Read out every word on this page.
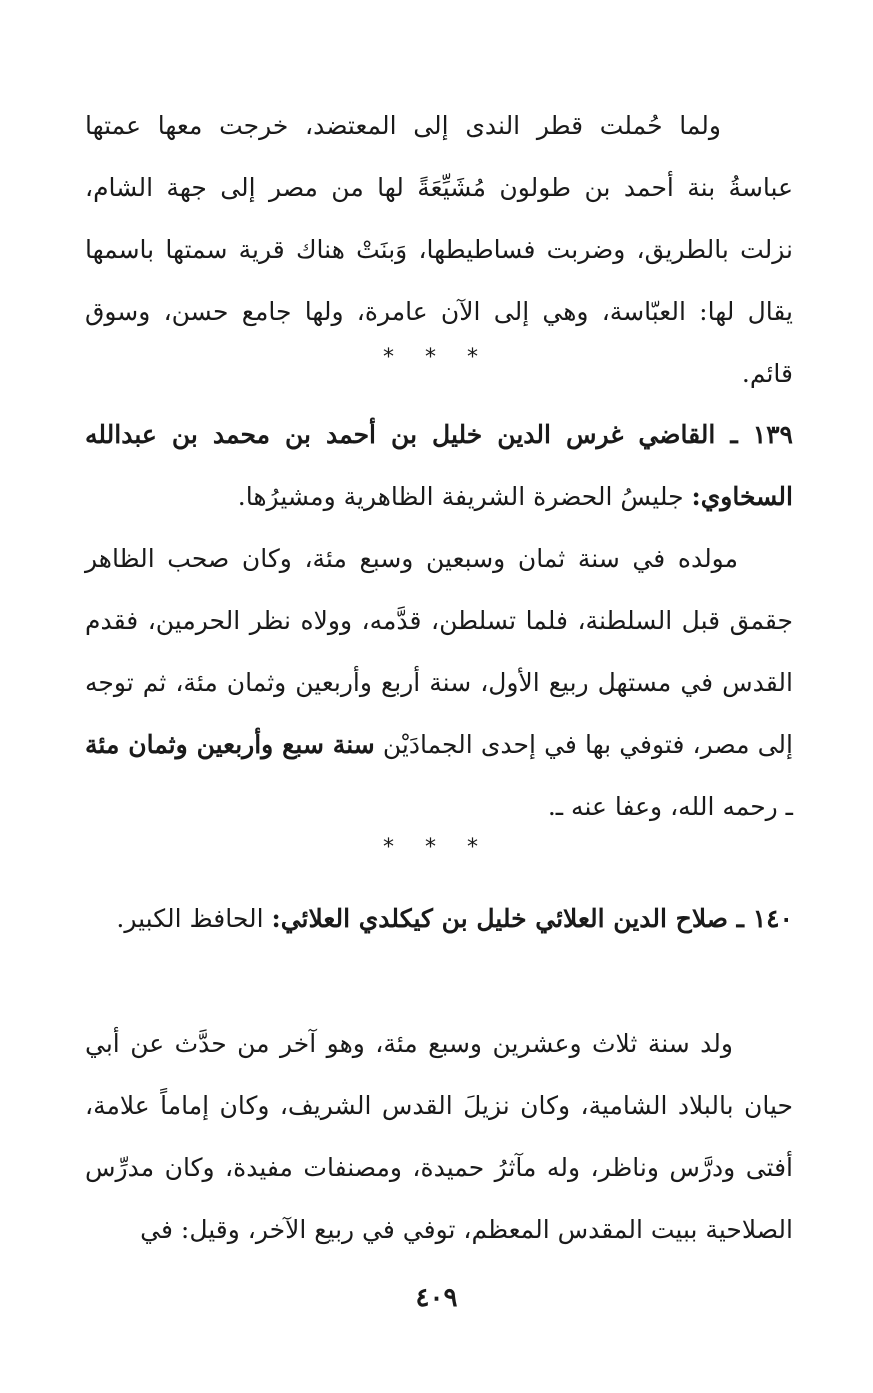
ولما حُملت قطر الندى إلى المعتضد، خرجت معها عمتها عباسةُ بنة أحمد بن طولون مُشَيِّعَةً لها من مصر إلى جهة الشام، نزلت بالطريق، وضربت فساطيطها، وَبنَتْ هناك قرية سمتها باسمها يقال لها: العبّاسة، وهي إلى الآن عامرة، ولها جامع حسن، وسوق قائم.

* * *

١٣٩ ـ القاضي غرس الدين خليل بن أحمد بن محمد بن عبدالله السخاوي: جليسُ الحضرة الشريفة الظاهرية ومشيرُها.

مولده في سنة ثمان وسبعين وسبع مئة، وكان صحب الظاهر جقمق قبل السلطنة، فلما تسلطن، قدَّمه، وولاه نظر الحرمين، فقدم القدس في مستهل ربيع الأول، سنة أربع وأربعين وثمان مئة، ثم توجه إلى مصر، فتوفي بها في إحدى الجمادَيْن سنة سبع وأربعين وثمان مئة ـ رحمه الله، وعفا عنه ـ.

* * *

١٤٠ ـ صلاح الدين العلائي خليل بن كيكلدي العلائي: الحافظ الكبير.

ولد سنة ثلاث وعشرين وسبع مئة، وهو آخر من حدَّث عن أبي حيان بالبلاد الشامية، وكان نزيلَ القدس الشريف، وكان إماماً علامة، أفتى ودرَّس وناظر، وله مآثرُ حميدة، ومصنفات مفيدة، وكان مدرِّس الصلاحية ببيت المقدس المعظم، توفي في ربيع الآخر، وقيل: في

٤٠٩
